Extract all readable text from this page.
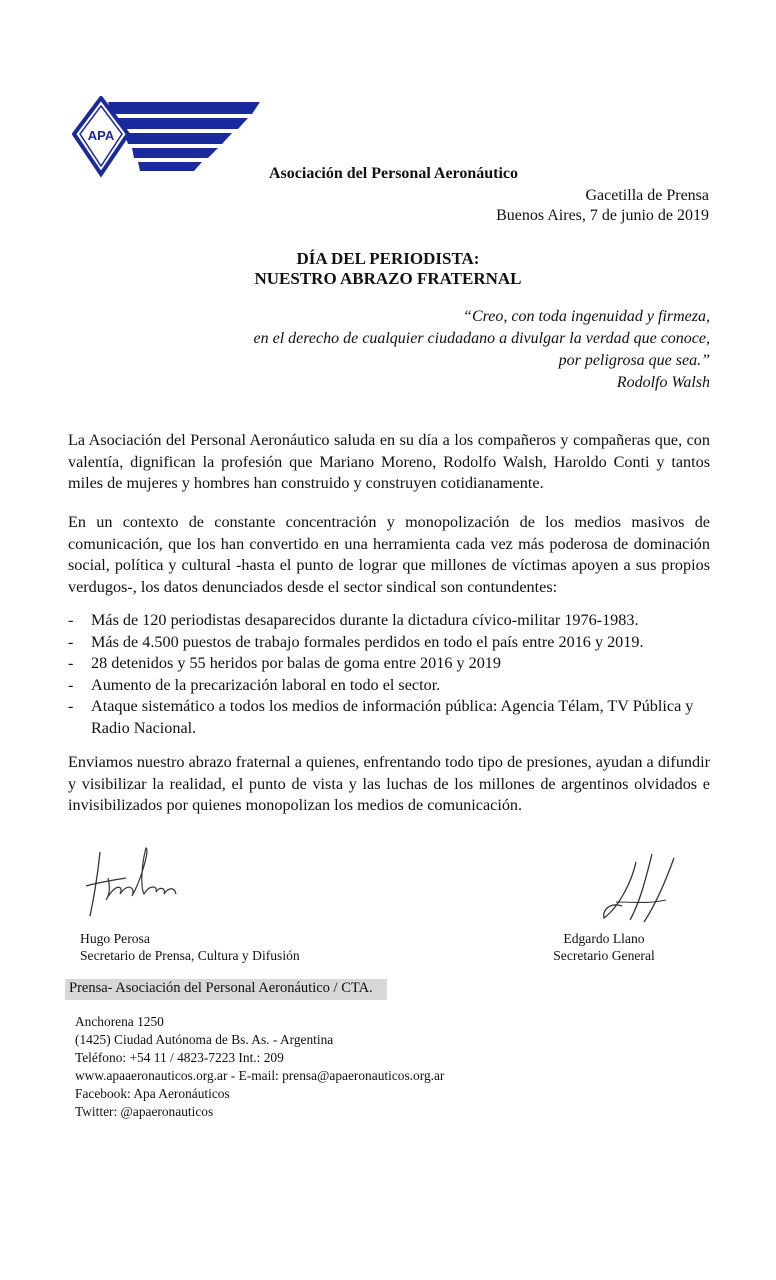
APA
Asociación del Personal Aeronáutico
Gacetilla de Prensa
Buenos Aires, 7 de junio de 2019
DÍA DEL PERIODISTA:
NUESTRO ABRAZO FRATERNAL
“Creo, con toda ingenuidad y firmeza,
en el derecho de cualquier ciudadano a divulgar la verdad que conoce,
por peligrosa que sea.”
Rodolfo Walsh
La Asociación del Personal Aeronáutico saluda en su día a los compañeros y compañeras que, con valentía, dignifican la profesión que Mariano Moreno, Rodolfo Walsh, Haroldo Conti y tantos miles de mujeres y hombres han construido y construyen cotidianamente.
En un contexto de constante concentración y monopolización de los medios masivos de comunicación, que los han convertido en una herramienta cada vez más poderosa de dominación social, política y cultural -hasta el punto de lograr que millones de víctimas apoyen a sus propios verdugos-, los datos denunciados desde el sector sindical son contundentes:
- Más de 120 periodistas desaparecidos durante la dictadura cívico-militar 1976-1983.
- Más de 4.500 puestos de trabajo formales perdidos en todo el país entre 2016 y 2019.
- 28 detenidos y 55 heridos por balas de goma entre 2016 y 2019
- Aumento de la precarización laboral en todo el sector.
- Ataque sistemático a todos los medios de información pública: Agencia Télam, TV Pública y Radio Nacional.
Enviamos nuestro abrazo fraternal a quienes, enfrentando todo tipo de presiones, ayudan a difundir y visibilizar la realidad, el punto de vista y las luchas de los millones de argentinos olvidados e invisibilizados por quienes monopolizan los medios de comunicación.
Hugo Perosa
Secretario de Prensa, Cultura y Difusión
Edgardo Llano
Secretario General
Prensa- Asociación del Personal Aeronáutico / CTA.
Anchorena 1250
(1425) Ciudad Autónoma de Bs. As. - Argentina
Teléfono: +54 11 / 4823-7223 Int.: 209
www.apaaeronauticos.org.ar - E-mail: prensa@apaeronauticos.org.ar
Facebook: Apa Aeronáuticos
Twitter: @apaeronauticos
